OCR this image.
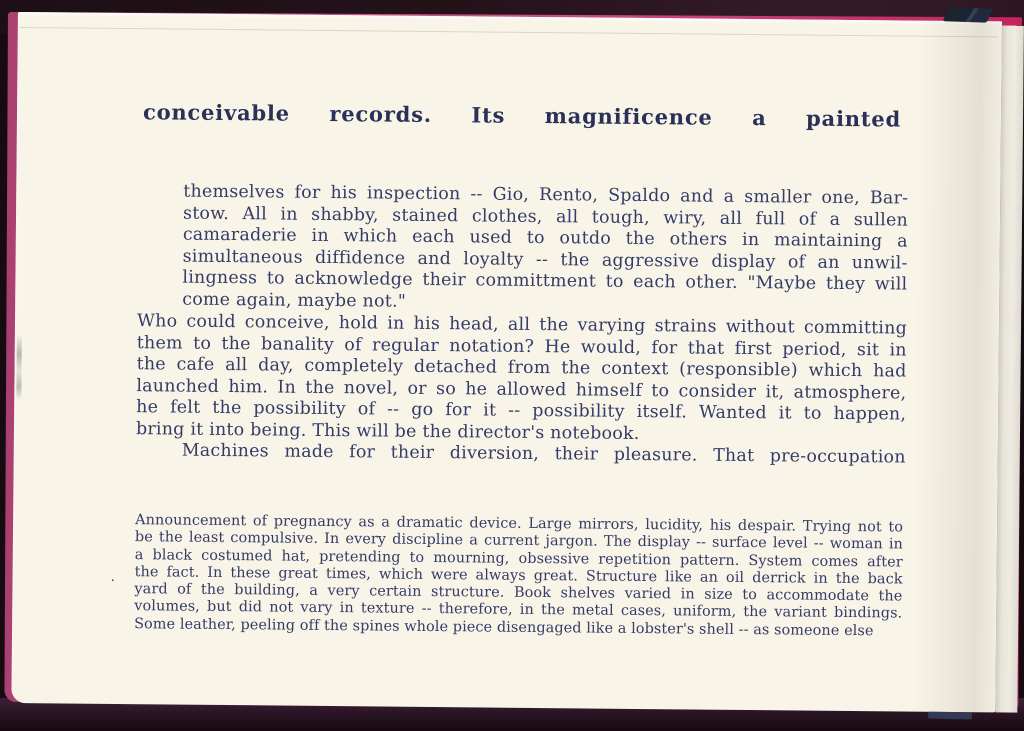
conceivable records. Its magnificence a painted
themselves for his inspection -- Gio, Rento, Spaldo and a smaller one, Bar-
stow. All in shabby, stained clothes, all tough, wiry, all full of a sullen
camaraderie in which each used to outdo the others in maintaining a
simultaneous diffidence and loyalty -- the aggressive display of an unwil-
lingness to acknowledge their committment to each other. "Maybe they will
come again, maybe not."
Who could conceive, hold in his head, all the varying strains without committing
them to the banality of regular notation? He would, for that first period, sit in
the cafe all day, completely detached from the context (responsible) which had
launched him. In the novel, or so he allowed himself to consider it, atmosphere,
he felt the possibility of -- go for it -- possibility itself. Wanted it to happen,
bring it into being. This will be the director's notebook.
Machines made for their diversion, their pleasure. That pre-occupation
Announcement of pregnancy as a dramatic device. Large mirrors, lucidity, his despair. Trying not to
be the least compulsive. In every discipline a current jargon. The display -- surface level -- woman in
a black costumed hat, pretending to mourning, obsessive repetition pattern. System comes after
the fact. In these great times, which were always great. Structure like an oil derrick in the back
yard of the building, a very certain structure. Book shelves varied in size to accommodate the
volumes, but did not vary in texture -- therefore, in the metal cases, uniform, the variant bindings.
Some leather, peeling off the spines whole piece disengaged like a lobster's shell -- as someone else
.
